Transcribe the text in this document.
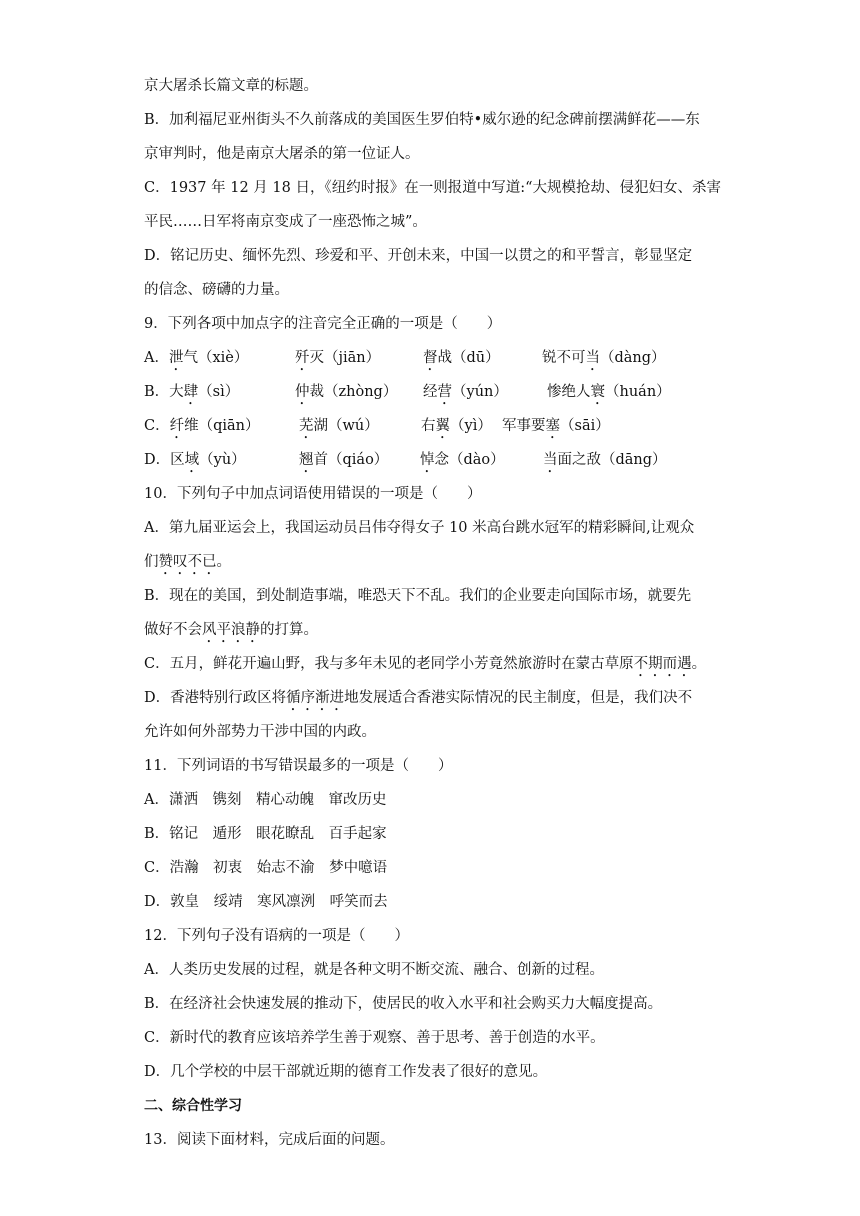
京大屠杀长篇文章的标题。
B．加利福尼亚州街头不久前落成的美国医生罗伯特•威尔逊的纪念碑前摆满鲜花——东
京审判时，他是南京大屠杀的第一位证人。
C．1937 年 12 月 18 日，《纽约时报》在一则报道中写道:“大规模抢劫、侵犯妇女、杀害
平民……日军将南京变成了一座恐怖之城”。
D．铭记历史、缅怀先烈、珍爱和平、开创未来，中国一以贯之的和平誓言，彰显坚定
的信念、磅礴的力量。
9．下列各项中加点字的注音完全正确的一项是（　　）
A．泄气（xiè）	歼灭（jiān）	督战（dū）	锐不可当（dàng）
B．大肆（sì）	仲裁（zhòng） 经营（yún）	惨绝人寰（huán）
C．纤维（qiān）	芜湖（wú）	右翼（yì） 军事要塞（sāi）
D．区域（yù）	翘首（qiáo） 悼念（dào）	当面之敌（dāng）
10．下列句子中加点词语使用错误的一项是（　　）
A．第九届亚运会上，我国运动员吕伟夺得女子 10 米高台跳水冠军的精彩瞬间,让观众
们赞叹不已。
B．现在的美国，到处制造事端，唯恐天下不乱。我们的企业要走向国际市场，就要先
做好不会风平浪静的打算。
C．五月，鲜花开遍山野，我与多年未见的老同学小芳竟然旅游时在蒙古草原不期而遇。
D．香港特别行政区将循序渐进地发展适合香港实际情况的民主制度，但是，我们决不
允许如何外部势力干涉中国的内政。
11．下列词语的书写错误最多的一项是（　　）
A．潇洒　镌刻　精心动魄　窜改历史
B．铭记　遁形　眼花瞭乱　百手起家
C．浩瀚　初衷　始志不渝　梦中噫语
D．敦皇　绥靖　寒风凛洌　呼笑而去
12．下列句子没有语病的一项是（　　）
A．人类历史发展的过程，就是各种文明不断交流、融合、创新的过程。
B．在经济社会快速发展的推动下，使居民的收入水平和社会购买力大幅度提高。
C．新时代的教育应该培养学生善于观察、善于思考、善于创造的水平。
D．几个学校的中层干部就近期的德育工作发表了很好的意见。
二、综合性学习
13．阅读下面材料，完成后面的问题。
